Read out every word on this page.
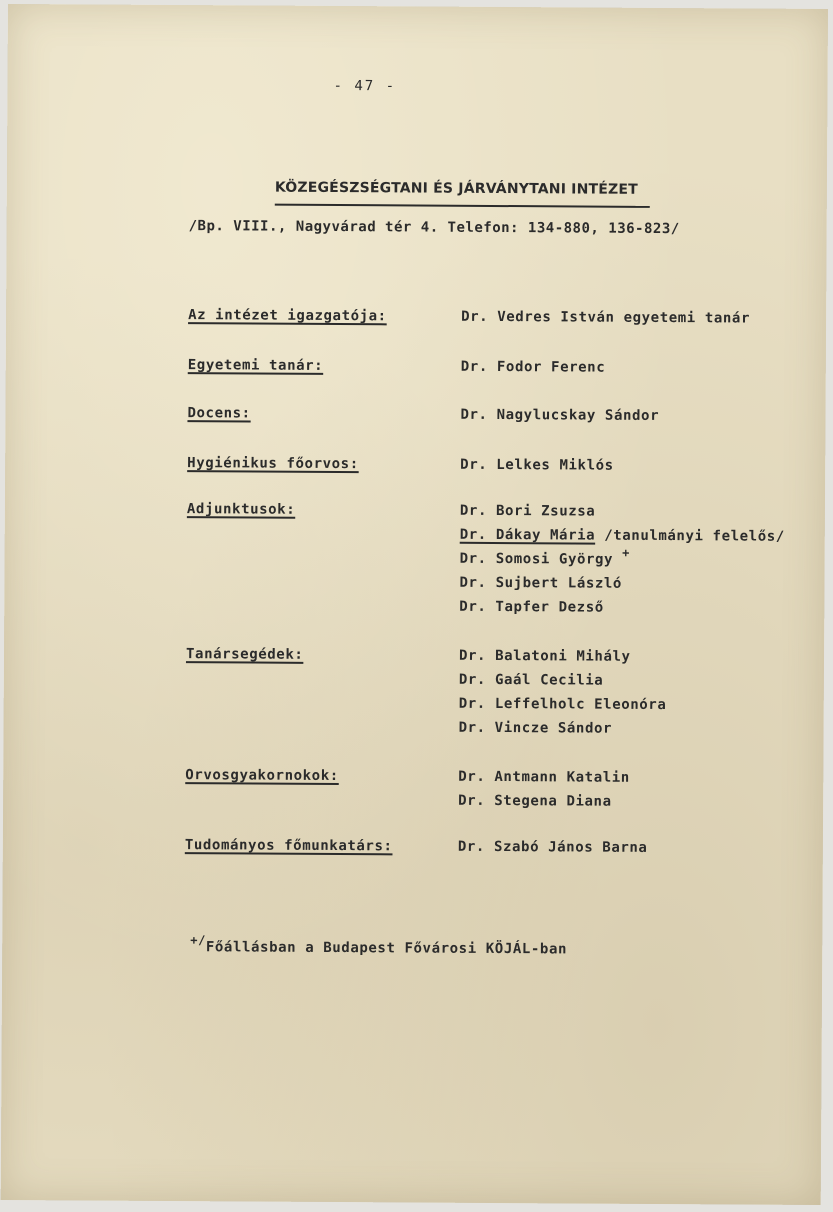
- 47 -
KÖZEGÉSZSÉGTANI ÉS JÁRVÁNYTANI INTÉZET
/Bp. VIII., Nagyvárad tér 4. Telefon: 134-880, 136-823/
Az intézet igazgatója:	Dr. Vedres István egyetemi tanár
Egyetemi tanár:	Dr. Fodor Ferenc
Docens:	Dr. Nagylucskay Sándor
Hygiénikus főorvos:	Dr. Lelkes Miklós
Adjunktusok:	Dr. Bori Zsuzsa
Dr. Dákay Mária /tanulmányi felelős/
Dr. Somosi György +
Dr. Sujbert László
Dr. Tapfer Dezső
Tanársegédek:	Dr. Balatoni Mihály
Dr. Gaál Cecilia
Dr. Leffelholc Eleonóra
Dr. Vincze Sándor
Orvosgyakornokok:	Dr. Antmann Katalin
Dr. Stegena Diana
Tudományos főmunkatárs:	Dr. Szabó János Barna
+/Főállásban a Budapest Fővárosi KÖJÁL-ban
